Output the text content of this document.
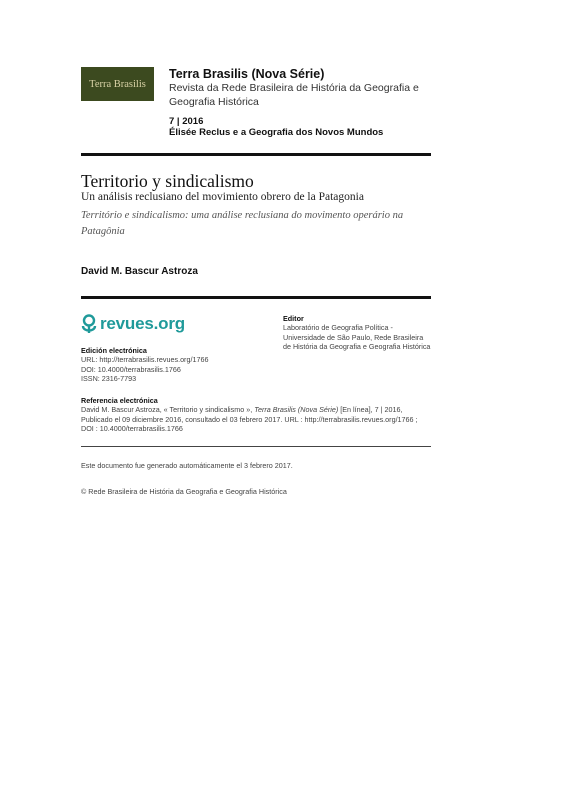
Terra Brasilis
Terra Brasilis (Nova Série)
Revista da Rede Brasileira de História da Geografia e Geografia Histórica
7 | 2016
Élisée Reclus e a Geografia dos Novos Mundos
Territorio y sindicalismo
Un análisis reclusiano del movimiento obrero de la Patagonia
Território e sindicalismo: uma análise reclusiana do movimento operário na Patagônia
David M. Bascur Astroza
revues.org
Edición electrónica
URL: http://terrabrasilis.revues.org/1766
DOI: 10.4000/terrabrasilis.1766
ISSN: 2316-7793
Editor
Laboratório de Geografia Política - Universidade de São Paulo, Rede Brasileira de História da Geografia e Geografia Histórica
Referencia electrónica
David M. Bascur Astroza, « Territorio y sindicalismo », Terra Brasilis (Nova Série) [En línea], 7 | 2016, Publicado el 09 diciembre 2016, consultado el 03 febrero 2017. URL : http://terrabrasilis.revues.org/1766 ; DOI : 10.4000/terrabrasilis.1766
Este documento fue generado automáticamente el 3 febrero 2017.
© Rede Brasileira de História da Geografia e Geografia Histórica
